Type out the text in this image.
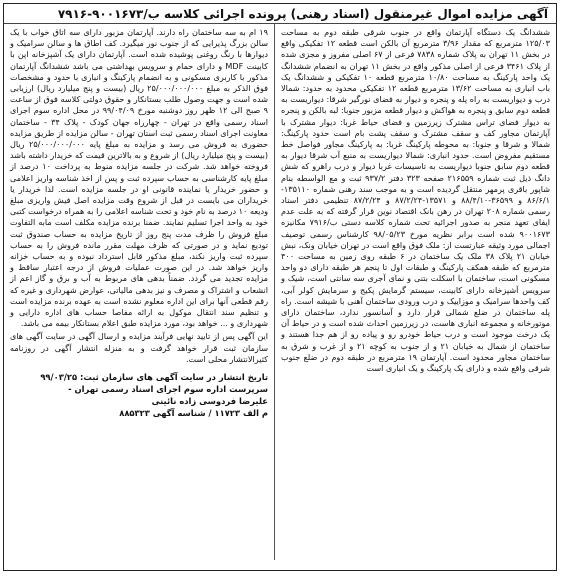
آگهی مزایده اموال غیرمنقول (اسناد رهنی) پرونده اجرائی کلاسه ب/۹۰۰۱۶۷۳-۷۹۱۶

ششدانگ یک دستگاه آپارتمان واقع در جنوب شرقی طبقه دوم به مساحت ۱۲۵/۰۳ مترمربع که مقدار ۳/۹۶ مترمربع آن بالکن است قطعه ۱۲ تفکیکی واقع در بخش ۱۱ تهران به پلاک شماره ۷۸۳۸ فرعی از ۶۷ اصلی مفروز و مجزی شده از پلاک ۳۴۶۱ فرعی از اصلی مذکور واقع در بخش ۱۱ تهران به انضمام ششدانگ یک واحد پارکینگ به مساحت ۱۰/۸۰ مترمربع قطعه ۱۰ تفکیکی و ششدانگ یک باب انباری به مساحت ۱۳/۶۲ مترمربع قطعه ۱۲ تفکیکی محدود به حدود: شمالا درب و دیواریست به راه پله و پنجره و دیوار به فضای نورگیر شرقا: دیواریست به قطعه دوم سابق و پنجره به هواکش و دیوار قطعه مزبور جنوبا: لبه بالکن و پنجره به دیوار فضای تراس مشترک زیرزمین و فضای حیاط غربا: دیوار مشترک با آپارتمان مجاور کف و سقف مشترک و سقف پشت بام است حدود پارکینگ: شمالا و شرقا و جنوبا: به محوطه پارکینگ غربا: به پارکینگ مجاور فواصل خط مستقیم مفروض است. حدود انباری: شمالا دیواریست به منبع آب شرقا دیوار به قطعه دوم سابق جنوبا دیواریست به تاسیسات غربا دیوار و درب راهرو که شش دانگ ذیل ثبت شماره ۲۱۶۵۵۹ صفحه ۳۲۳ دفتر ۹۳۷/۲ ثبت و مع الواسطه بنام شاپور باقری پرمهر منتقل گردیده است و به موجب سند رهنی شماره ۱۳۵۱۱۰- ۸۶/۶/۱ و ۳۶۵۹۹-۸۸/۴/۱۰ و ۱۳۵۷۱-۸۷/۲/۲۴ و ۸۷/۲/۲۴ تنظیمی دفتر اسناد رسمی شماره ۲۰۸ تهران در رهن بانک اقتصاد نوین قرار گرفته که به علت عدم ایفای تعهد منجر به صدور اجرائیه تحت شماره کلاسه دستی ب/۷۹۱۶ مکانیزه ۹۰۰۱۶۷۳ شده است برابر نظریه مورخ ۹۸/۰۵/۲۳ کارشناس رسمی توصیف اجمالی مورد وثیقه عبارتست از: ملک فوق واقع است در تهران خیابان ونک، نبش خیابان ۲۱ پلاک ۳۸ ملک یک ساختمان در ۶ طبقه روی زمین به مساحت ۴۰۰ مترمربع که طبقه همکف پارکینگ و طبقات اول تا پنجم هر طبقه دارای دو واحد مسکونی است، ساختمان با اسکلت بتنی و نمای آجری سه سانتی است، شیک و سرویس آشپزخانه دارای کابینت، سیستم گرمایش پکیج و سرمایش کولر آبی، کف واحدها سرامیک و موزاییک و درب ورودی ساختمان آهنی با شیشه است. راه پله ساختمان در ضلع شمالی قرار دارد و آسانسور ندارد، ساختمان دارای موتورخانه و مجموعه انباری هاست، در زیرزمین احداث شده است و در حیاط آن یک درخت موجود است و درب حیاط خودرو رو و پیاده رو از هم جدا هستند و ساختمان از شمال به خیابان ۲۱ و از جنوب به کوچه ۲۱ و از غرب و شرق به ساختمان مجاور محدود است. آپارتمان ۱۹ مترمربع در طبقه دوم در ضلع جنوب شرقی واقع شده و دارای یک پارکینگ و یک انباری است

۱۹ ام به سه ساختمان راه دارند. آپارتمان مزبور دارای سه اتاق خواب با یک سالن بزرگ پذیرایی که از جنوب نور میگیرد. کف اطاق ها و سالن سرامیک و دیوارها با رنگ روغنی پوشیده شده است. آپارتمان دارای یک آشپزخانه اپن با کابینت MDF و دارای حمام و سرویس بهداشتی می باشد ششدانگ آپارتمان مذکور با کاربری مسکونی و به انضمام پارکینگ و انباری با حدود و مشخصات فوق الذکر به مبلغ ۲۵/۰۰۰/۰۰۰/۰۰۰ ریال (بیست و پنج میلیارد ریال) ارزیابی شده است و جهت وصول طلب بستانکار و حقوق دولتی کلاسه فوق از ساعت ۹ صبح الی ۱۲ ظهر روز دوشنبه مورخ ۹۹/۰۴/۰۹ در محل اداره سوم اجرای اسناد رسمی واقع در تهران - چهارراه جهان کودک - پلاک ۳۴ - ساختمان معاونت اجرای اسناد رسمی ثبت استان تهران - سالن مزایده از طریق مزایده حضوری به فروش می رسد و مزایده به مبلغ پایه ۲۵/۰۰۰/۰۰۰/۰۰۰ ریال (بیست و پنج میلیارد ریال) از شروع و به بالاترین قیمت که خریدار داشته باشد فروخته خواهد شد. شرکت در جلسه مزایده منوط به پرداخت ۱۰ درصد از مبلغ پایه کارشناسی به حساب سپرده ثبت و پس از اخذ شناسه واریز اعلامی و حضور خریدار یا نماینده قانونی او در جلسه مزایده است. لذا خریدار یا خریداران می بایست در قبل از شروع وقت مزایده اصل فیش واریزی مبلغ ودیعه ۱۰ درصد به نام خود و تحت شناسه اعلامی را به همراه درخواست کتبی خود به واحد اجرا تسلیم نمایند. ضمنا برنده مزایده مکلف است مابه التفاوت مبلغ فروش را ظرف مدت پنج روز از تاریخ مزایده به حساب صندوق ثبت تودیع نماید و در صورتی که ظرف مهلت مقرر مانده فروش را به حساب سپرده ثبت واریز نکند، مبلغ مذکور قابل استرداد نبوده و به حساب خزانه واریز خواهد شد. در این صورت عملیات فروش از درجه اعتبار ساقط و مزایده تجدید می گردد. ضمناً بدهی های مربوط به آب و برق و گاز اعم از انشعاب و اشتراک و مصرف و نیز بدهی مالیاتی، عوارض شهرداری و غیره که رقم قطعی آنها برای این اداره معلوم نشده است به عهده برنده مزایده است و تنظیم سند انتقال موکول به ارائه مفاصا حساب های اداره دارایی و شهرداری و ... خواهد بود، مورد مزایده طبق اعلام بستانکار بیمه می باشد.

این آگهی پس از تایید نهایی فرآیند مزایده و ارسال آگهی در سایت آگهی های سازمان ثبت قرار خواهد گرفت و به منزله انتشار آگهی در روزنامه کثیرالانتشار محلی است.

تاریخ انتشار در سایت آگهی های سازمان ثبت: ۹۹/۰۳/۲۵
سرپرست اداره سوم اجرای اسناد رسمی تهران -
علیرضا فردوسی زاده نائینی
م الف ۱۱۷۲۳ / شناسه آگهی ۸۸۵۳۲۳
